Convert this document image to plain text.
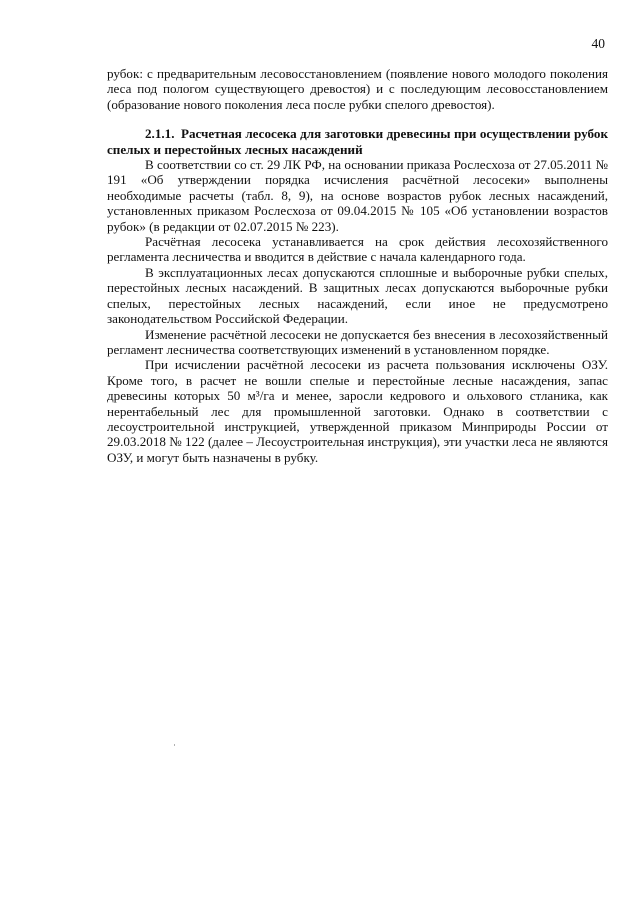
40

рубок: с предварительным лесовосстановлением (появление нового молодого поколения леса под пологом существующего древостоя) и с последующим лесовосстановлением (образование нового поколения леса после рубки спелого древостоя).

2.1.1. Расчетная лесосека для заготовки древесины при осуществлении рубок спелых и перестойных лесных насаждений

В соответствии со ст. 29 ЛК РФ, на основании приказа Рослесхоза от 27.05.2011 № 191 «Об утверждении порядка исчисления расчётной лесосеки» выполнены необходимые расчеты (табл. 8, 9), на основе возрастов рубок лесных насаждений, установленных приказом Рослесхоза от 09.04.2015 № 105 «Об установлении возрастов рубок» (в редакции от 02.07.2015 № 223).

Расчётная лесосека устанавливается на срок действия лесохозяйственного регламента лесничества и вводится в действие с начала календарного года.

В эксплуатационных лесах допускаются сплошные и выборочные рубки спелых, перестойных лесных насаждений. В защитных лесах допускаются выборочные рубки спелых, перестойных лесных насаждений, если иное не предусмотрено законодательством Российской Федерации.

Изменение расчётной лесосеки не допускается без внесения в лесохозяйственный регламент лесничества соответствующих изменений в установленном порядке.

При исчислении расчётной лесосеки из расчета пользования исключены ОЗУ. Кроме того, в расчет не вошли спелые и перестойные лесные насаждения, запас древесины которых 50 м³/га и менее, заросли кедрового и ольхового стланика, как нерентабельный лес для промышленной заготовки. Однако в соответствии с лесоустроительной инструкцией, утвержденной приказом Минприроды России от 29.03.2018 № 122 (далее – Лесоустроительная инструкция), эти участки леса не являются ОЗУ, и могут быть назначены в рубку.
